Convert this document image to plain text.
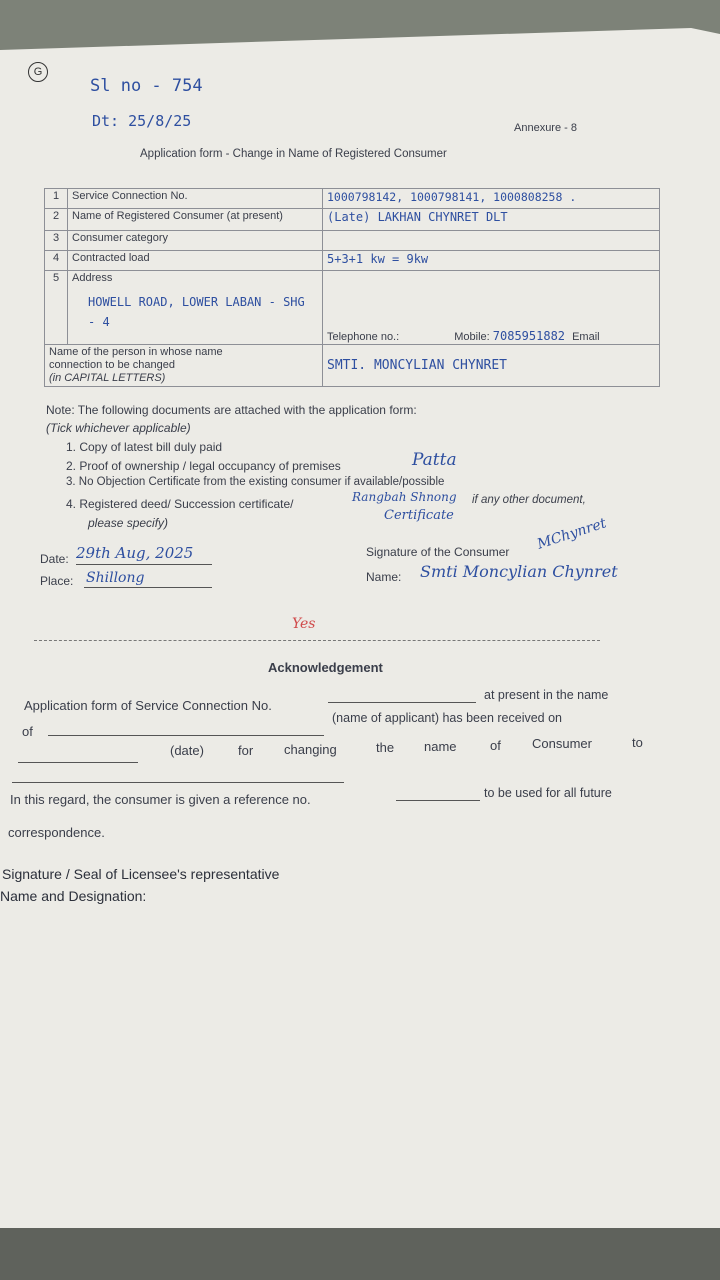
G
Sl no - 754
Dt: 25/8/25	Annexure - 8
Application form - Change in Name of Registered Consumer
1	Service Connection No.	1000798142, 1000798141, 1000808258 .
2	Name of Registered Consumer (at present)	(Late) LAKHAN CHYNRET DLT
3	Consumer category	
4	Contracted load	5+3+1 kw = 9kw
5	Address
HOWELL ROAD, LOWER LABAN - SHG - 4	Telephone no.: Mobile: 7085951882 Email

Name of the person in whose name
connection to be changed
(in CAPITAL LETTERS)		SMTI. MONCYLIAN CHYNRET
Note: The following documents are attached with the application form:
(Tick whichever applicable)
1. Copy of latest bill duly paid
2. Proof of ownership / legal occupancy of premises	Patta
3. No Objection Certificate from the existing consumer if available/possible
4. Registered deed/ Succession certificate/	Rangbah Shnong if any other document,
Certificate
please specify)
Date: 29th Aug, 2025
Place: Shillong
Signature of the Consumer MChynret
Name: Smti Moncylian Chynret
Yes
Acknowledgement
Application form of Service Connection No.
at present in the name
of
(name of applicant) has been received on
(date)	for changing	the name	of Consumer	to
In this regard, the consumer is given a reference no.	to be used for all future
correspondence.
Signature / Seal of Licensee's representative
Name and Designation:
